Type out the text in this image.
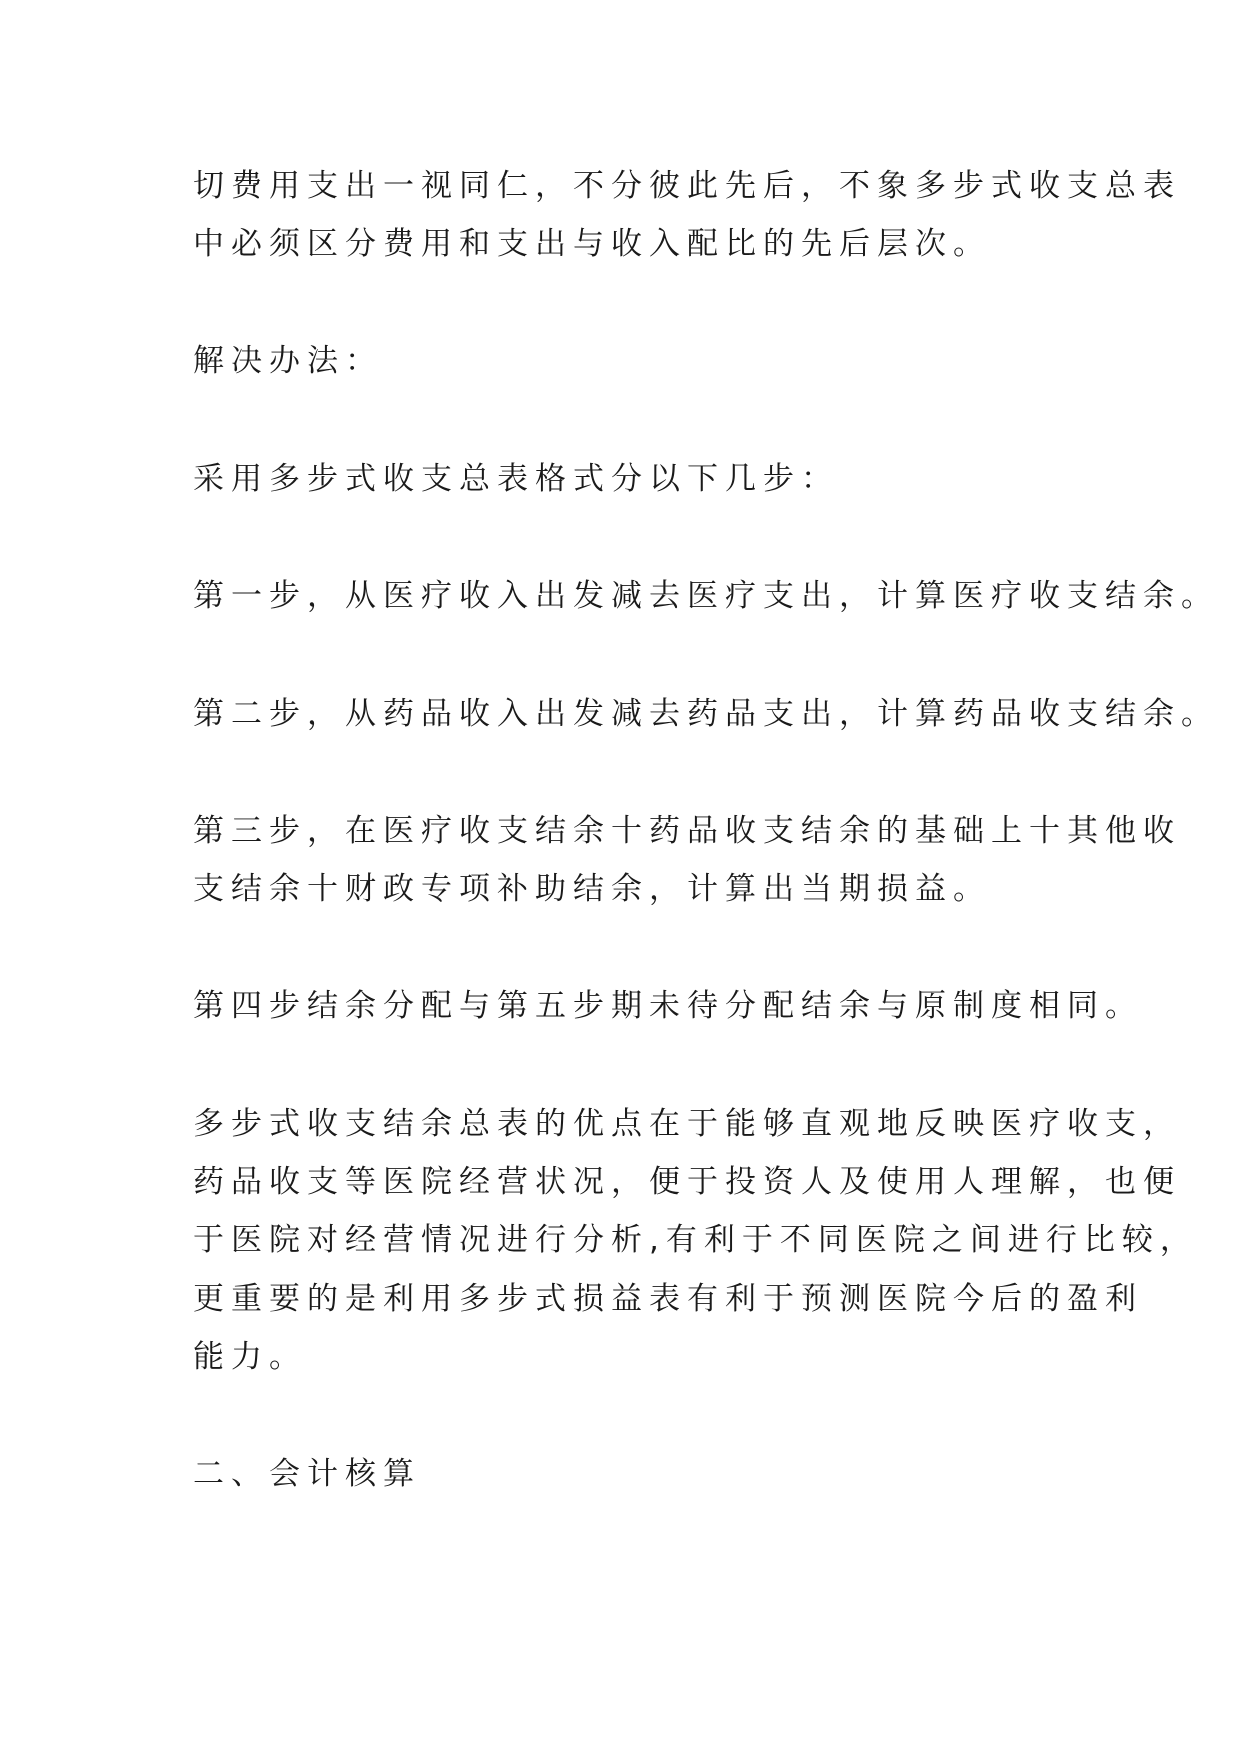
切费用支出一视同仁，不分彼此先后，不象多步式收支总表
中必须区分费用和支出与收入配比的先后层次。
解决办法：
采用多步式收支总表格式分以下几步：
第一步，从医疗收入出发减去医疗支出，计算医疗收支结余。
第二步，从药品收入出发减去药品支出，计算药品收支结余。
第三步，在医疗收支结余十药品收支结余的基础上十其他收
支结余十财政专项补助结余，计算出当期损益。
第四步结余分配与第五步期未待分配结余与原制度相同。
多步式收支结余总表的优点在于能够直观地反映医疗收支，
药品收支等医院经营状况，便于投资人及使用人理解，也便
于医院对经营情况进行分析,有利于不同医院之间进行比较，
更重要的是利用多步式损益表有利于预测医院今后的盈利
能力。
二、会计核算
